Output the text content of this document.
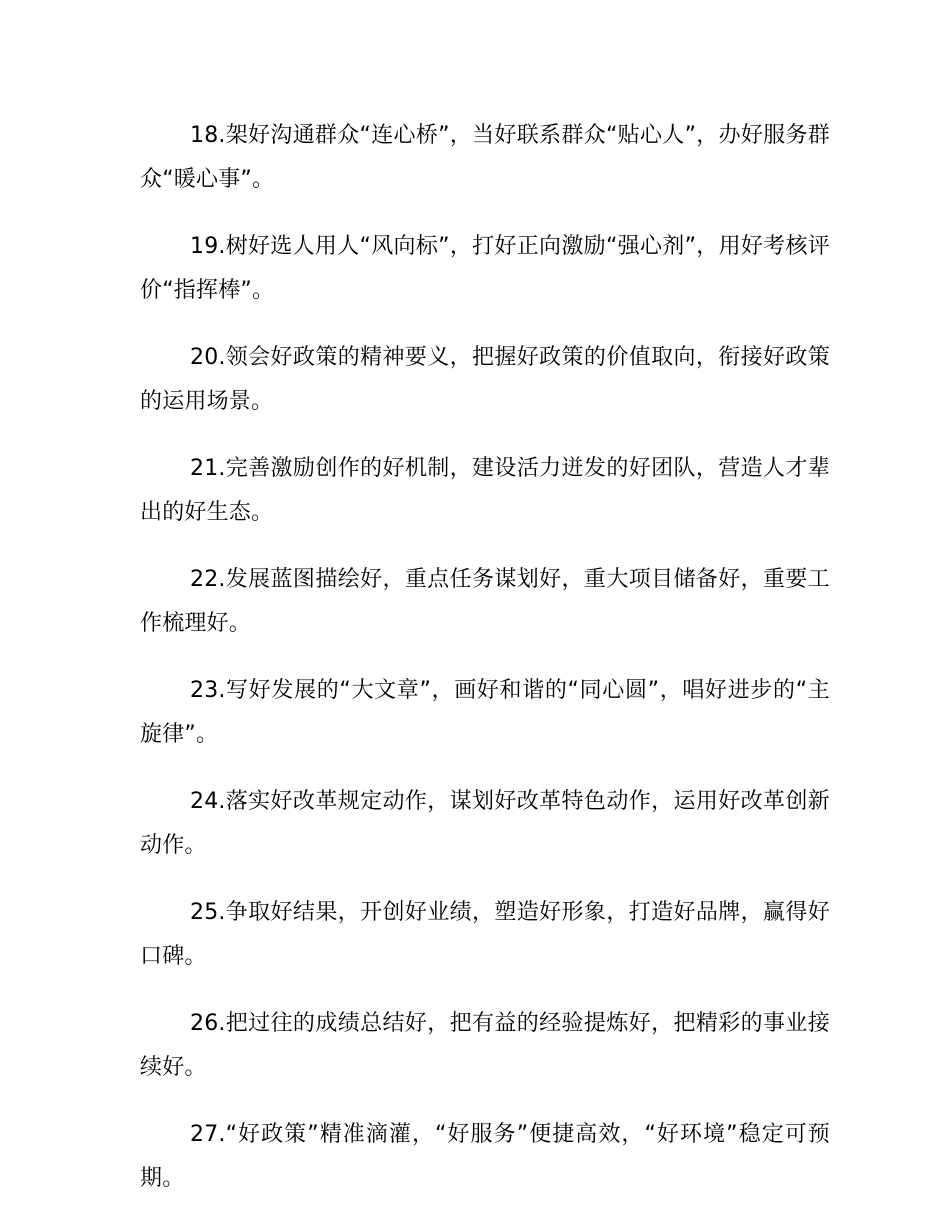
18.架好沟通群众“连心桥”，当好联系群众“贴心人”，办好服务群众“暖心事”。

19.树好选人用人“风向标”，打好正向激励“强心剂”，用好考核评价“指挥棒”。

20.领会好政策的精神要义，把握好政策的价值取向，衔接好政策的运用场景。

21.完善激励创作的好机制，建设活力迸发的好团队，营造人才辈出的好生态。

22.发展蓝图描绘好，重点任务谋划好，重大项目储备好，重要工作梳理好。

23.写好发展的“大文章”，画好和谐的“同心圆”，唱好进步的“主旋律”。

24.落实好改革规定动作，谋划好改革特色动作，运用好改革创新动作。

25.争取好结果，开创好业绩，塑造好形象，打造好品牌，赢得好口碑。

26.把过往的成绩总结好，把有益的经验提炼好，把精彩的事业接续好。

27.“好政策”精准滴灌，“好服务”便捷高效，“好环境”稳定可预期。
